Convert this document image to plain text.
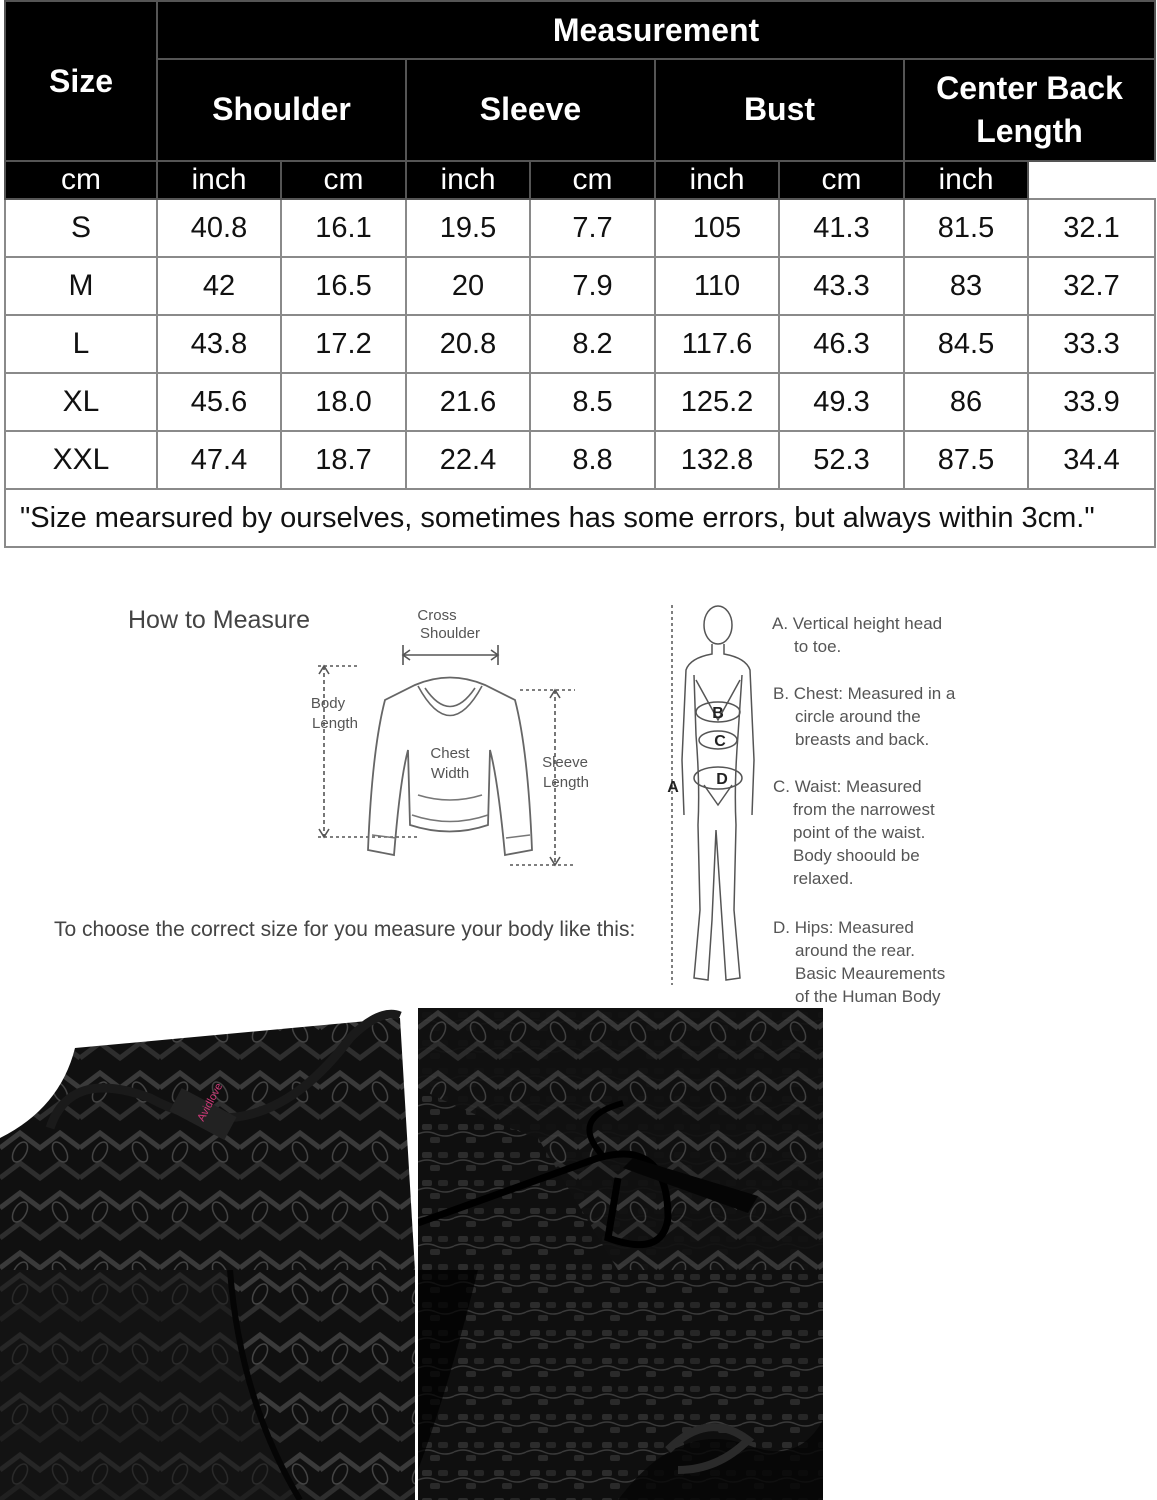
Size	Measurement							
	Shoulder		Sleeve		Bust		Center Back
Length	

cm	inch	cm	inch	cm	inch	cm	inch	
S	40.8	16.1	19.5	7.7	105	41.3	81.5	32.1
M	42	16.5	20	7.9	110	43.3	83	32.7
L	43.8	17.2	20.8	8.2	117.6	46.3	84.5	33.3
XL	45.6	18.0	21.6	8.5	125.2	49.3	86	33.9
XXL	47.4	18.7	22.4	8.8	132.8	52.3	87.5	34.4
"Size mearsured by ourselves, sometimes has some errors, but always within 3cm."								
How to Measure
To choose the correct size for you measure your body like this:
Cross
Shoulder
Body
Length
Chest
Width
Sleeve
Length
B
C
D
A
A. Vertical height head
to toe.
B. Chest: Measured in a
circle around the
breasts and back.
C. Waist: Measured
from the narrowest
point of the waist.
Body shoould be
relaxed.
D. Hips: Measured
around the rear.
Basic Meaurements
of the Human Body
Avidlove
